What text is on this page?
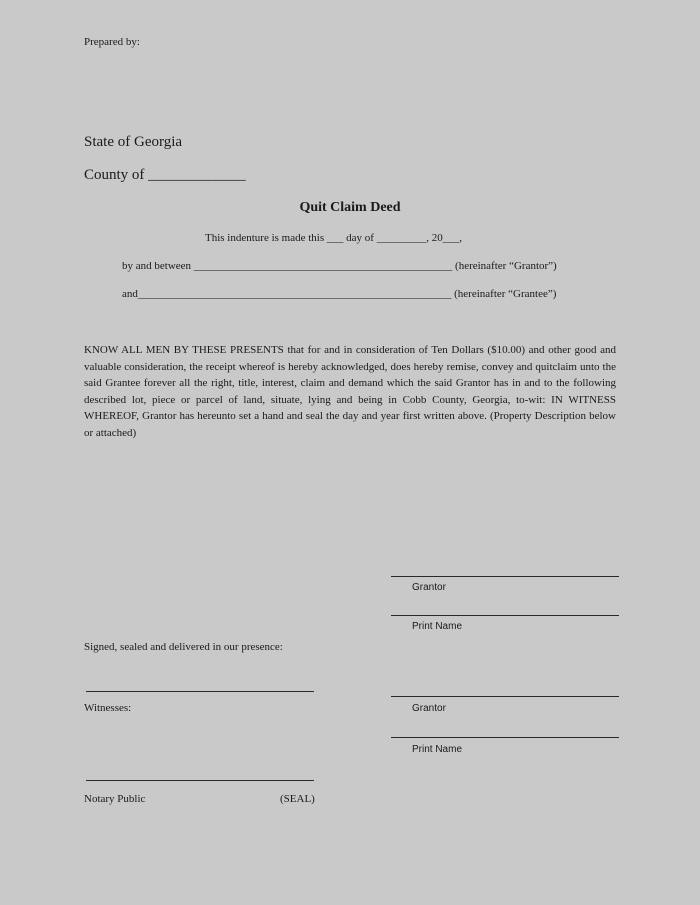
Prepared by:
State of Georgia
County of _____________
Quit Claim Deed
This indenture is made this ___ day of _________, 20___,
by and between _______________________________________________ (hereinafter “Grantor”)
and_________________________________________________________ (hereinafter “Grantee”)
KNOW ALL MEN BY THESE PRESENTS that for and in consideration of Ten Dollars ($10.00) and other good and valuable consideration, the receipt whereof is hereby acknowledged, does hereby remise, convey and quitclaim unto the said Grantee forever all the right, title, interest, claim and demand which the said Grantor has in and to the following described lot, piece or parcel of land, situate, lying and being in Cobb County, Georgia, to-wit: IN WITNESS WHEREOF, Grantor has hereunto set a hand and seal the day and year first written above. (Property Description below or attached)
Grantor
Print Name
Signed, sealed and delivered in our presence:
Witnesses:	Grantor
Print Name
Notary Public	(SEAL)
